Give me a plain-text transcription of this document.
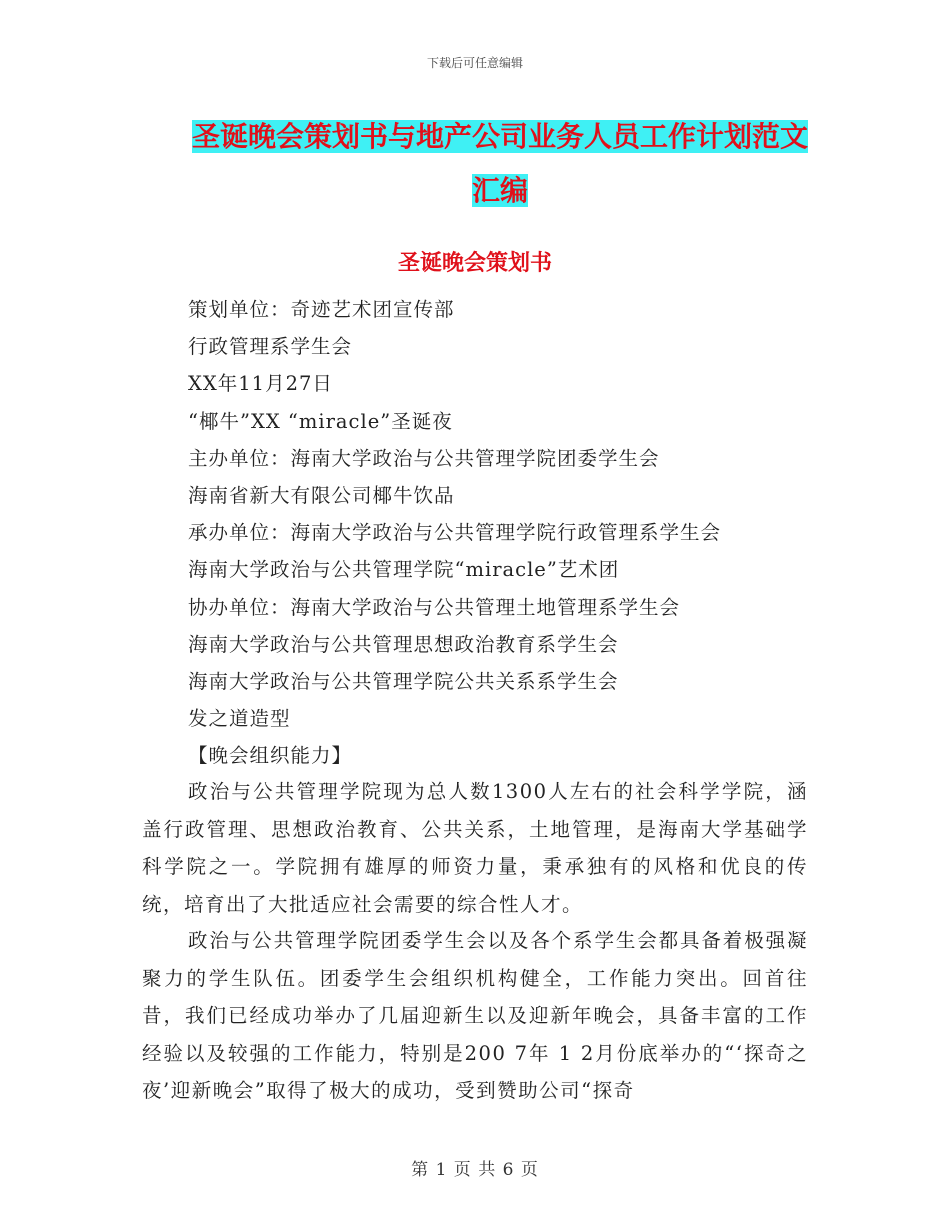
下载后可任意编辑
圣诞晚会策划书与地产公司业务人员工作计划范文汇编
圣诞晚会策划书
策划单位：奇迹艺术团宣传部
行政管理系学生会
XX年11月27日
“椰牛”XX “miracle”圣诞夜
主办单位：海南大学政治与公共管理学院团委学生会
海南省新大有限公司椰牛饮品
承办单位：海南大学政治与公共管理学院行政管理系学生会
海南大学政治与公共管理学院“miracle”艺术团
协办单位：海南大学政治与公共管理土地管理系学生会
海南大学政治与公共管理思想政治教育系学生会
海南大学政治与公共管理学院公共关系系学生会
发之道造型
【晚会组织能力】

政治与公共管理学院现为总人数1300人左右的社会科学学院，涵盖行政管理、思想政治教育、公共关系，土地管理，是海南大学基础学科学院之一。学院拥有雄厚的师资力量，秉承独有的风格和优良的传统，培育出了大批适应社会需要的综合性人才。

政治与公共管理学院团委学生会以及各个系学生会都具备着极强凝聚力的学生队伍。团委学生会组织机构健全，工作能力突出。回首往昔，我们已经成功举办了几届迎新生以及迎新年晚会，具备丰富的工作经验以及较强的工作能力，特别是200 7年 1 2月份底举办的“‘探奇之夜’迎新晚会”取得了极大的成功，受到赞助公司“探奇

第 1 页 共 6 页
